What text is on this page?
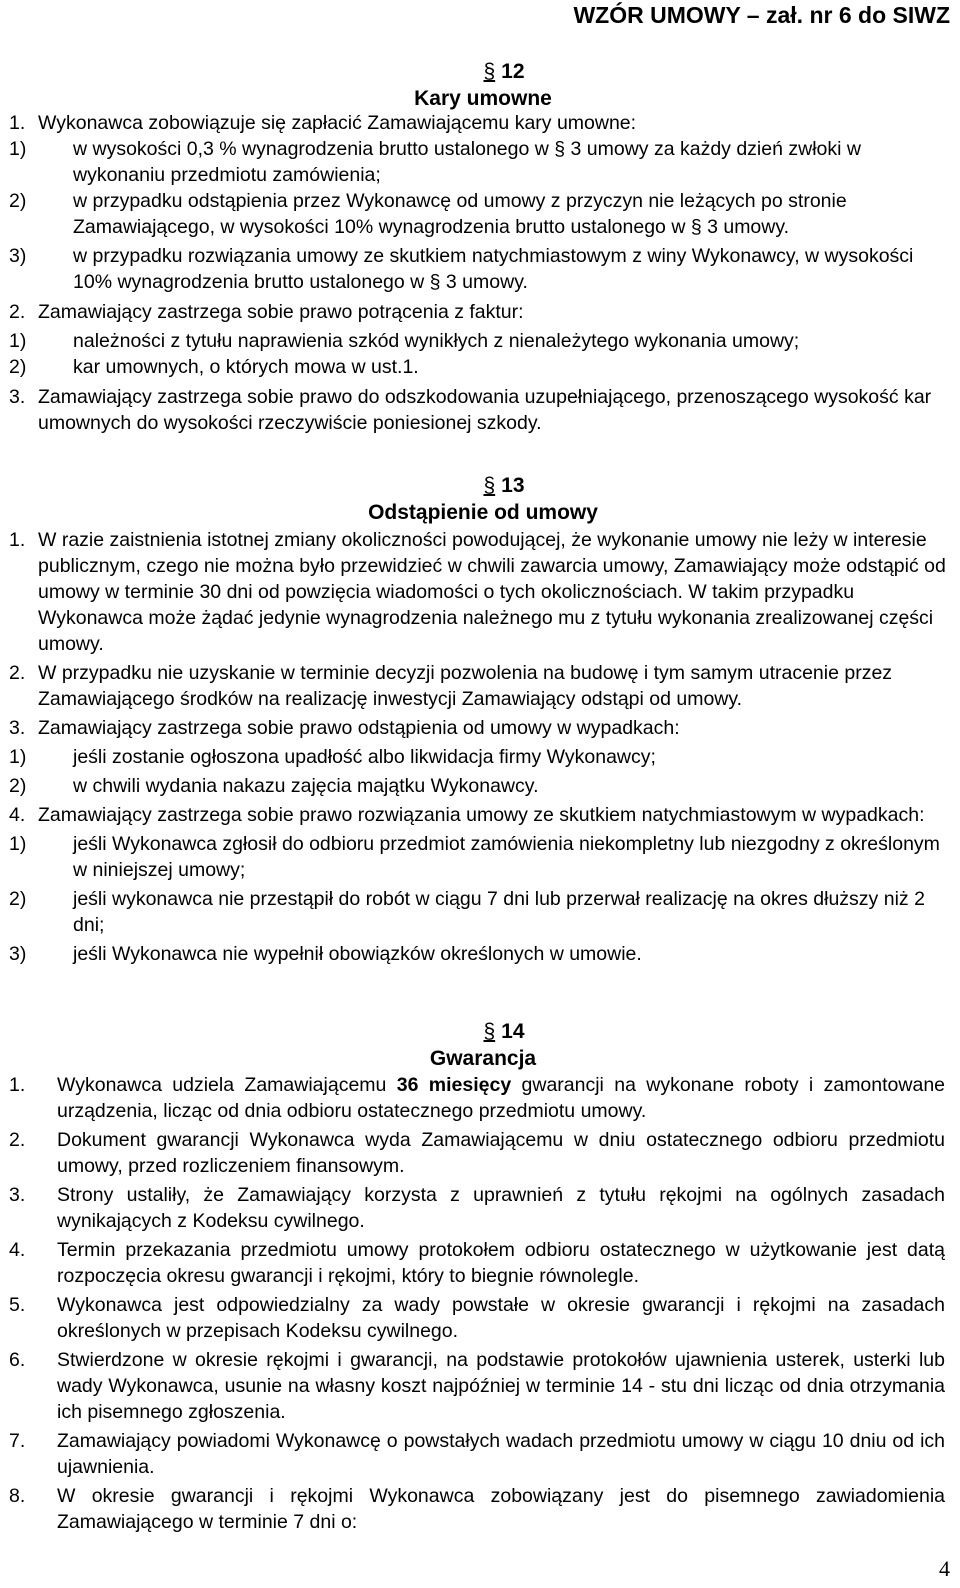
WZÓR UMOWY – zał. nr 6 do SIWZ
§ 12
Kary umowne
1. Wykonawca zobowiązuje się zapłacić Zamawiającemu kary umowne:
1)	w wysokości 0,3 % wynagrodzenia brutto ustalonego w § 3 umowy za każdy dzień zwłoki w wykonaniu przedmiotu zamówienia;
2)	w przypadku odstąpienia przez Wykonawcę od umowy z przyczyn nie leżących po stronie Zamawiającego, w wysokości 10% wynagrodzenia brutto ustalonego w § 3 umowy.
3)	w przypadku rozwiązania umowy ze skutkiem natychmiastowym z winy Wykonawcy, w wysokości 10% wynagrodzenia brutto ustalonego w § 3 umowy.
2. Zamawiający zastrzega sobie prawo potrącenia z faktur:
1)	należności z tytułu naprawienia szkód wynikłych z nienależytego wykonania umowy;
2)	kar umownych, o których mowa w ust.1.
3. Zamawiający zastrzega sobie prawo do odszkodowania uzupełniającego, przenoszącego wysokość kar umownych do wysokości rzeczywiście poniesionej szkody.
§ 13
Odstąpienie od umowy
1. W razie zaistnienia istotnej zmiany okoliczności powodującej, że wykonanie umowy nie leży w interesie publicznym, czego nie można było przewidzieć w chwili zawarcia umowy, Zamawiający może odstąpić od umowy w terminie 30 dni od powzięcia wiadomości o tych okolicznościach. W takim przypadku Wykonawca może żądać jedynie wynagrodzenia należnego mu z tytułu wykonania zrealizowanej części umowy.
2. W przypadku nie uzyskanie w terminie decyzji pozwolenia na budowę i tym samym utracenie przez Zamawiającego środków na realizację inwestycji Zamawiający odstąpi od umowy.
3. Zamawiający zastrzega sobie prawo odstąpienia od umowy w wypadkach:
1)	jeśli zostanie ogłoszona upadłość albo likwidacja firmy Wykonawcy;
2)	w chwili wydania nakazu zajęcia majątku Wykonawcy.
4. Zamawiający zastrzega sobie prawo rozwiązania umowy ze skutkiem natychmiastowym w wypadkach:
1)	jeśli Wykonawca zgłosił do odbioru przedmiot zamówienia niekompletny lub niezgodny z określonym w niniejszej umowy;
2)	jeśli wykonawca nie przestąpił do robót w ciągu 7 dni lub przerwał realizację na okres dłuższy niż 2 dni;
3)	jeśli Wykonawca nie wypełnił obowiązków określonych w umowie.
§ 14
Gwarancja
1.	Wykonawca udziela Zamawiającemu 36 miesięcy gwarancji na wykonane roboty i zamontowane urządzenia, licząc od dnia odbioru ostatecznego przedmiotu umowy.
2.	Dokument gwarancji Wykonawca wyda Zamawiającemu w dniu ostatecznego odbioru przedmiotu umowy, przed rozliczeniem finansowym.
3.	Strony ustaliły, że Zamawiający korzysta z uprawnień z tytułu rękojmi na ogólnych zasadach wynikających z Kodeksu cywilnego.
4.	Termin przekazania przedmiotu umowy protokołem odbioru ostatecznego w użytkowanie jest datą rozpoczęcia okresu gwarancji i rękojmi, który to biegnie równolegle.
5.	Wykonawca jest odpowiedzialny za wady powstałe w okresie gwarancji i rękojmi na zasadach określonych w przepisach Kodeksu cywilnego.
6.	Stwierdzone w okresie rękojmi i gwarancji, na podstawie protokołów ujawnienia usterek, usterki lub wady Wykonawca, usunie na własny koszt najpóźniej w terminie 14 - stu dni licząc od dnia otrzymania ich pisemnego zgłoszenia.
7.	Zamawiający powiadomi Wykonawcę o powstałych wadach przedmiotu umowy w ciągu 10 dniu od ich ujawnienia.
8.	W okresie gwarancji i rękojmi Wykonawca zobowiązany jest do pisemnego zawiadomienia Zamawiającego w terminie 7 dni o:
4
